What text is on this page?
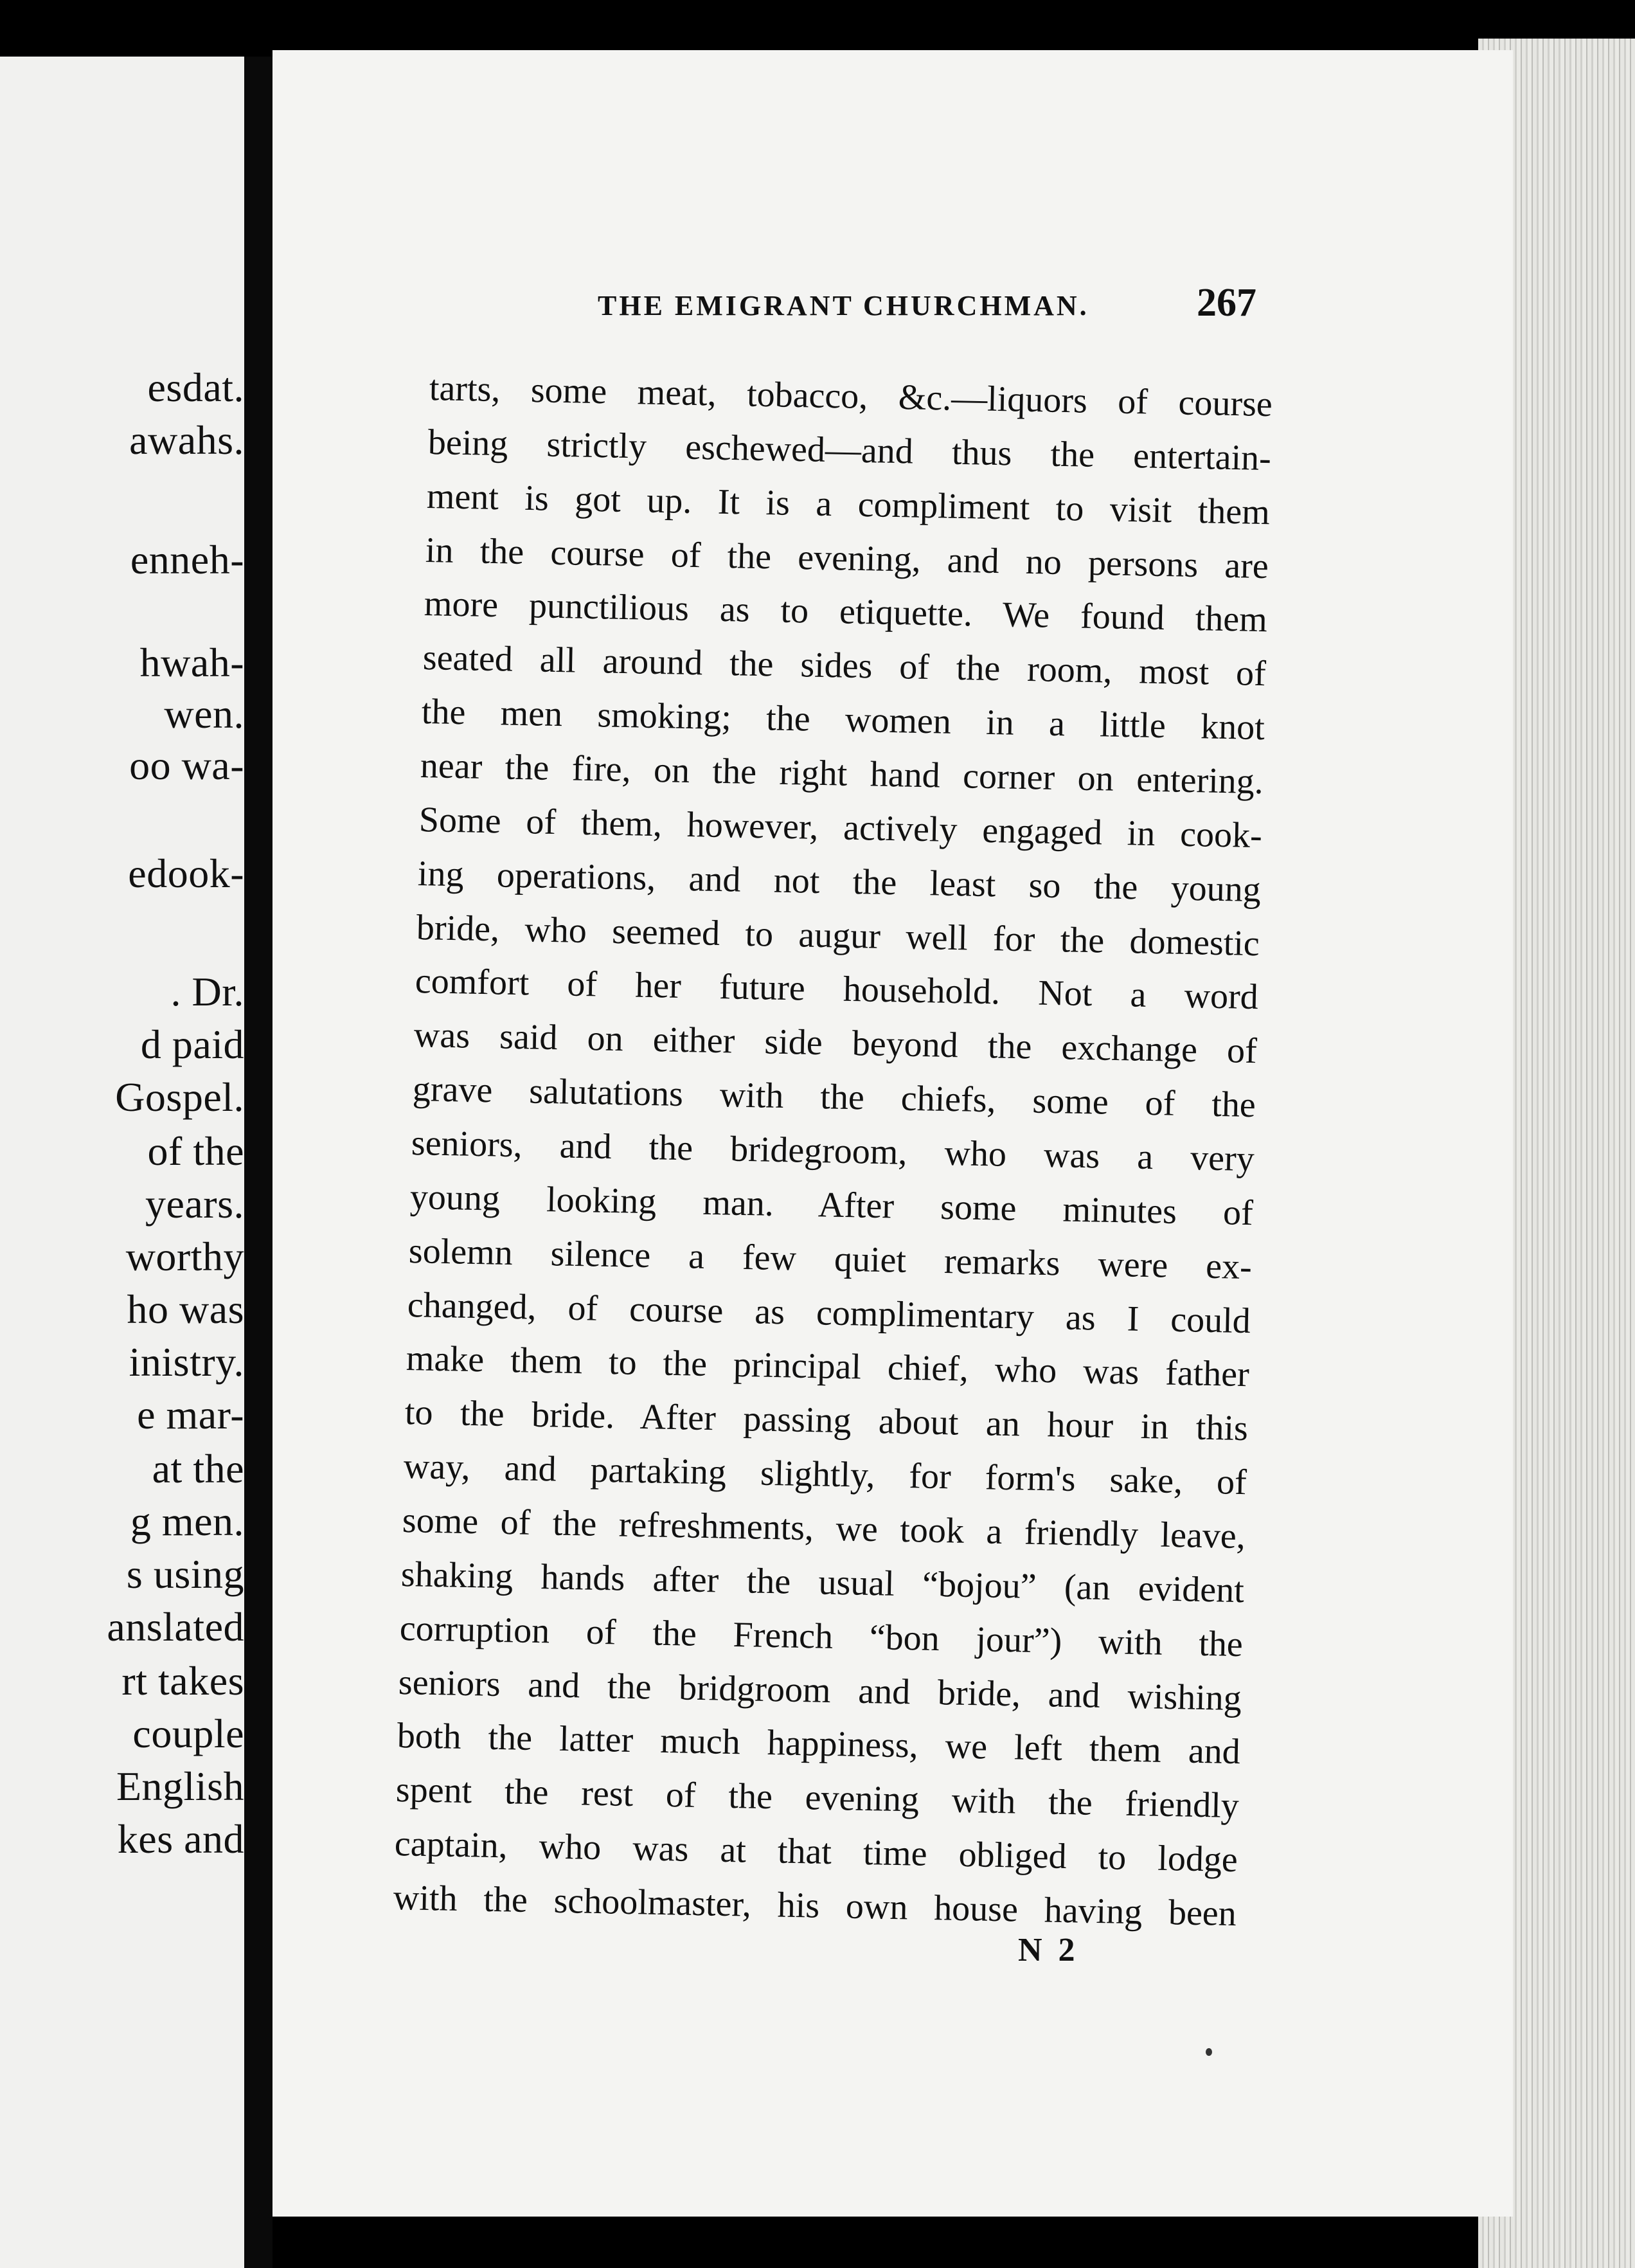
esdat.
awahs.
enneh-
hwah-
wen.
oo wa-
edook-
. Dr.
d paid
Gospel.
of the
years.
worthy
ho was
inistry.
e mar-
at the
g men.
s using
anslated
rt takes
couple
English
kes and
THE EMIGRANT CHURCHMAN.	267
tarts, some meat, tobacco, &c.—liquors of course
being strictly eschewed—and thus the entertain-
ment is got up. It is a compliment to visit them
in the course of the evening, and no persons are
more punctilious as to etiquette. We found them
seated all around the sides of the room, most of
the men smoking; the women in a little knot
near the fire, on the right hand corner on entering.
Some of them, however, actively engaged in cook-
ing operations, and not the least so the young
bride, who seemed to augur well for the domestic
comfort of her future household. Not a word
was said on either side beyond the exchange of
grave salutations with the chiefs, some of the
seniors, and the bridegroom, who was a very
young looking man. After some minutes of
solemn silence a few quiet remarks were ex-
changed, of course as complimentary as I could
make them to the principal chief, who was father
to the bride. After passing about an hour in this
way, and partaking slightly, for form's sake, of
some of the refreshments, we took a friendly leave,
shaking hands after the usual “bojou” (an evident
corruption of the French “bon jour”) with the
seniors and the bridgroom and bride, and wishing
both the latter much happiness, we left them and
spent the rest of the evening with the friendly
captain, who was at that time obliged to lodge
with the schoolmaster, his own house having been
N 2
